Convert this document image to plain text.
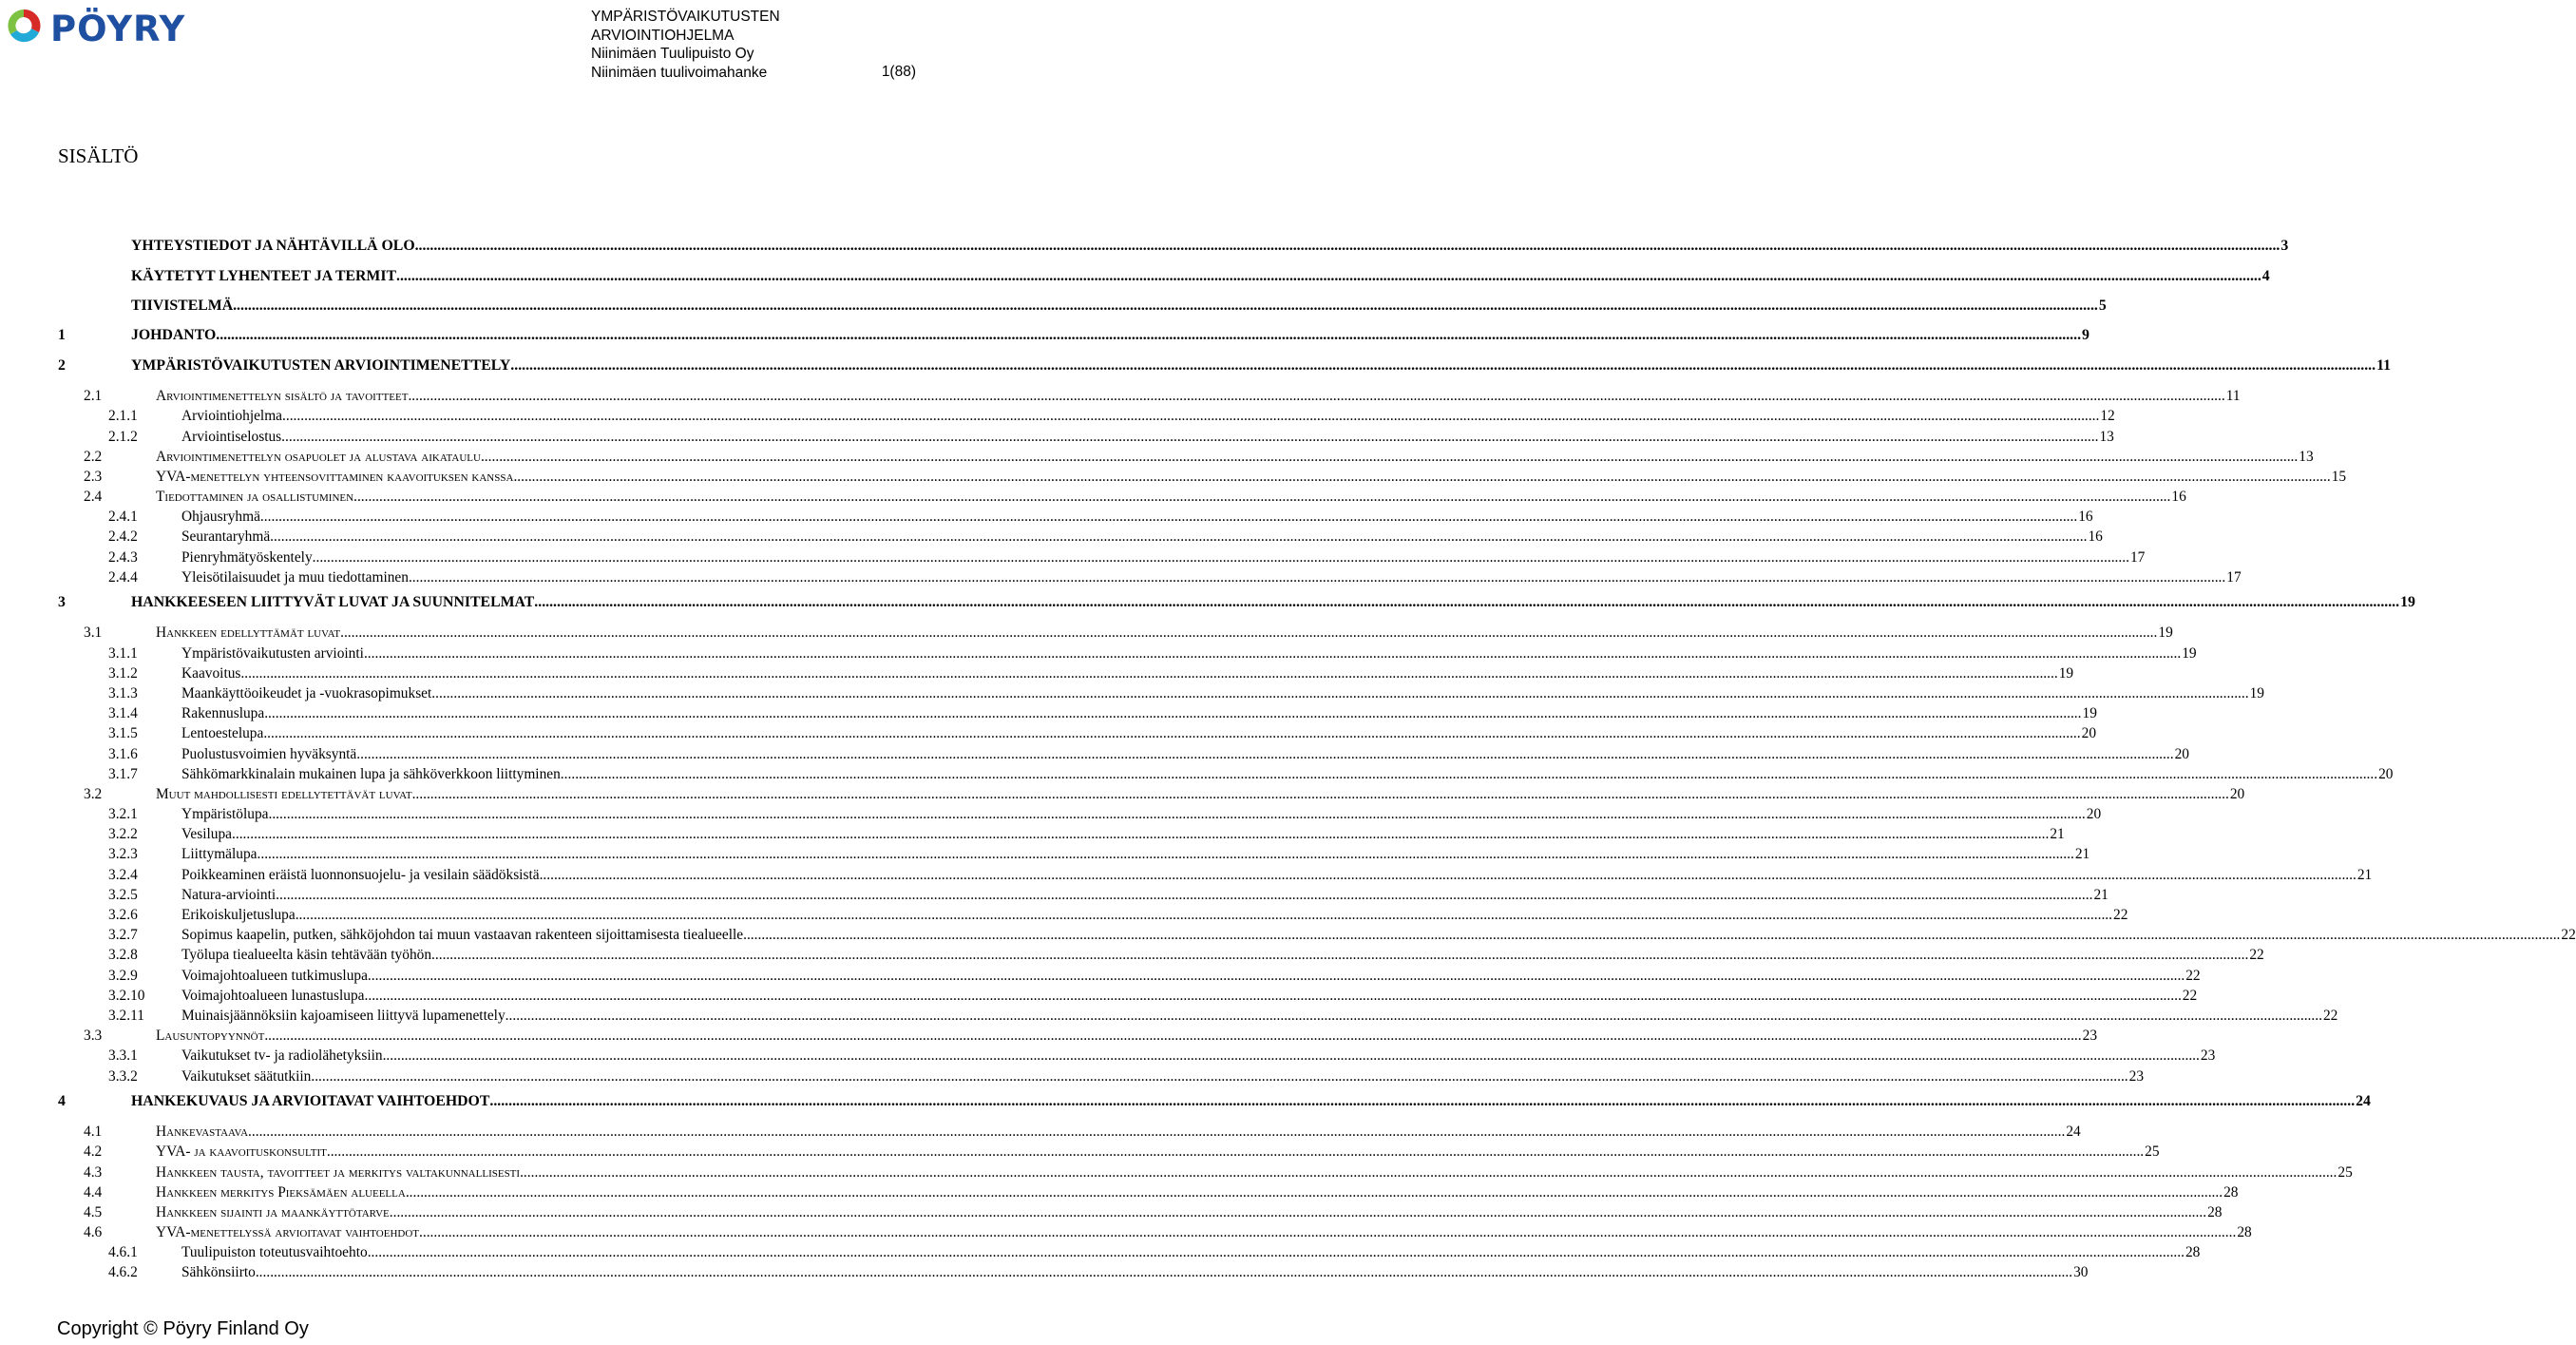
PÖYRY	YMPÄRISTÖVAIKUTUSTEN
ARVIOINTIOHJELMA
Niinimäen Tuulipuisto Oy
Niinimäen tuulivoimahanke	1(88)
SISÄLTÖ
YHTEYSTIEDOT JA NÄHTÄVILLÄ OLO .....	3
KÄYTETYT LYHENTEET JA TERMIT .....	4
TIIVISTELMÄ .....	5
1	JOHDANTO .....	9
2	YMPÄRISTÖVAIKUTUSTEN ARVIOINTIMENETTELY .....	11
2.1	Arviointimenettelyn sisältö ja tavoitteet .....	11
2.1.1	Arviointiohjelma .....	12
2.1.2	Arviointiselostus .....	13
2.2	Arviointimenettelyn osapuolet ja alustava aikataulu .....	13
2.3	YVA-menettelyn yhteensovittaminen kaavoituksen kanssa .....	15
2.4	Tiedottaminen ja osallistuminen .....	16
2.4.1	Ohjausryhmä .....	16
2.4.2	Seurantaryhmä .....	16
2.4.3	Pienryhmätyöskentely .....	17
2.4.4	Yleisötilaisuudet ja muu tiedottaminen .....	17
3	HANKKEESEEN LIITTYVÄT LUVAT JA SUUNNITELMAT .....	19
3.1	Hankkeen edellyttämät luvat .....	19
3.1.1	Ympäristövaikutusten arviointi .....	19
3.1.2	Kaavoitus .....	19
3.1.3	Maankäyttöoikeudet ja -vuokrasopimukset .....	19
3.1.4	Rakennuslupa .....	19
3.1.5	Lentoestelupa .....	20
3.1.6	Puolustusvoimien hyväksyntä .....	20
3.1.7	Sähkömarkkinalain mukainen lupa ja sähköverkkoon liittyminen .....	20
3.2	Muut mahdollisesti edellytettävät luvat .....	20
3.2.1	Ympäristölupa .....	20
3.2.2	Vesilupa .....	21
3.2.3	Liittymälupa .....	21
3.2.4	Poikkeaminen eräistä luonnonsuojelu- ja vesilain säädöksistä .....	21
3.2.5	Natura-arviointi .....	21
3.2.6	Erikoiskuljetuslupa .....	22
3.2.7	Sopimus kaapelin, putken, sähköjohdon tai muun vastaavan rakenteen sijoittamisesta tiealueelle .....	22
3.2.8	Työlupa tiealueelta käsin tehtävään työhön .....	22
3.2.9	Voimajohtoalueen tutkimuslupa .....	22
3.2.10	Voimajohtoalueen lunastuslupa .....	22
3.2.11	Muinaisjäännöksiin kajoamiseen liittyvä lupamenettely .....	22
3.3	Lausuntopyynnöt .....	23
3.3.1	Vaikutukset tv- ja radiolähetyksiin .....	23
3.3.2	Vaikutukset säätutkiin .....	23
4	HANKEKUVAUS JA ARVIOITAVAT VAIHTOEHDOT .....	24
4.1	Hankevastaava .....	24
4.2	YVA- ja kaavoituskonsultit .....	25
4.3	Hankkeen tausta, tavoitteet ja merkitys valtakunnallisesti .....	25
4.4	Hankkeen merkitys Pieksämäen alueella .....	28
4.5	Hankkeen sijainti ja maankäyttötarve .....	28
4.6	YVA-menettelyssä arvioitavat vaihtoehdot .....	28
4.6.1	Tuulipuiston toteutusvaihtoehto .....	28
4.6.2	Sähkönsiirto .....	30
Copyright © Pöyry Finland Oy
